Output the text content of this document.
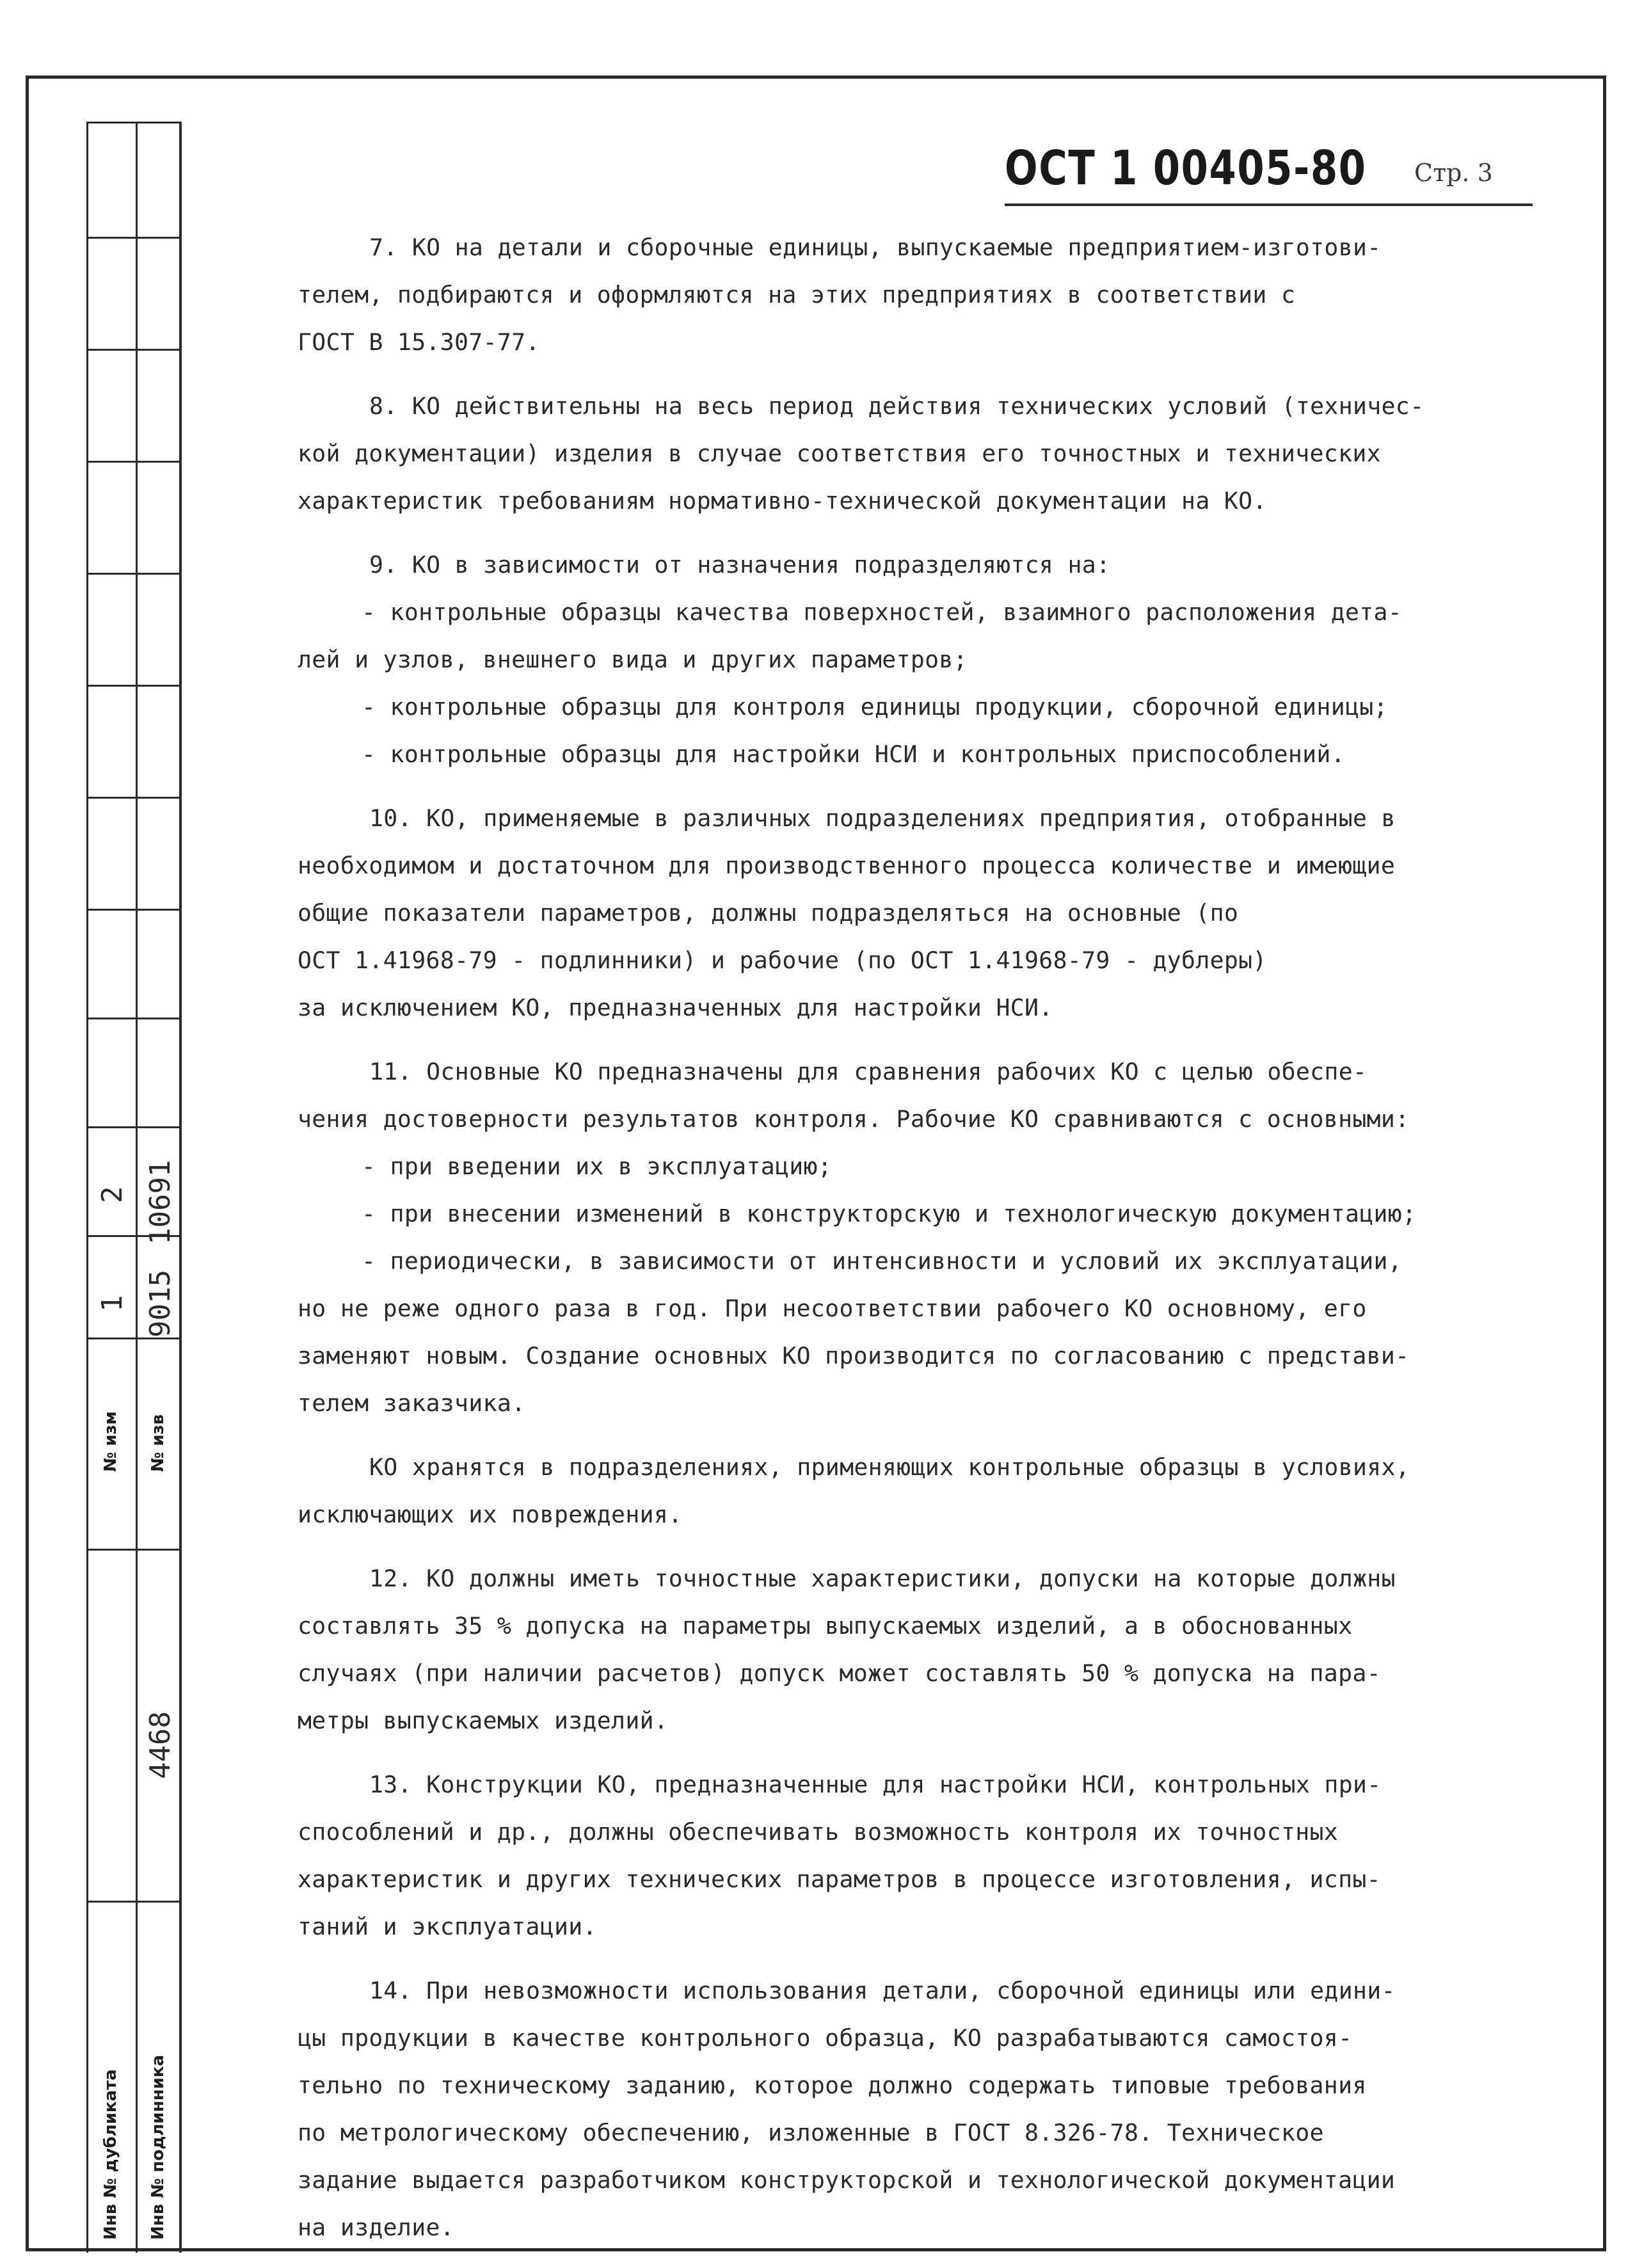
2
1
10691
9015
№ изм № изв
4468
Инв № дубликата Инв № подлинника
ОСТ 1 00405-80 Стр. 3
7. КО на детали и сборочные единицы, выпускаемые предприятием-изготови-
телем, подбираются и оформляются на этих предприятиях в соответствии с
ГОСТ В 15.307-77.
8. КО действительны на весь период действия технических условий (техничес-
кой документации) изделия в случае соответствия его точностных и технических
характеристик требованиям нормативно-технической документации на КО.
9. КО в зависимости от назначения подразделяются на:
- контрольные образцы качества поверхностей, взаимного расположения дета-
лей и узлов, внешнего вида и других параметров;
- контрольные образцы для контроля единицы продукции, сборочной единицы;
- контрольные образцы для настройки НСИ и контрольных приспособлений.
10. КО, применяемые в различных подразделениях предприятия, отобранные в
необходимом и достаточном для производственного процесса количестве и имеющие
общие показатели параметров, должны подразделяться на основные (по
ОСТ 1.41968-79 - подлинники) и рабочие (по ОСТ 1.41968-79 - дублеры)
за исключением КО, предназначенных для настройки НСИ.
11. Основные КО предназначены для сравнения рабочих КО с целью обеспе-
чения достоверности результатов контроля. Рабочие КО сравниваются с основными:
- при введении их в эксплуатацию;
- при внесении изменений в конструкторскую и технологическую документацию;
- периодически, в зависимости от интенсивности и условий их эксплуатации,
но не реже одного раза в год. При несоответствии рабочего КО основному, его
заменяют новым. Создание основных КО производится по согласованию с представи-
телем заказчика.
КО хранятся в подразделениях, применяющих контрольные образцы в условиях,
исключающих их повреждения.
12. КО должны иметь точностные характеристики, допуски на которые должны
составлять 35 % допуска на параметры выпускаемых изделий, а в обоснованных
случаях (при наличии расчетов) допуск может составлять 50 % допуска на пара-
метры выпускаемых изделий.
13. Конструкции КО, предназначенные для настройки НСИ, контрольных при-
способлений и др., должны обеспечивать возможность контроля их точностных
характеристик и других технических параметров в процессе изготовления, испы-
таний и эксплуатации.
14. При невозможности использования детали, сборочной единицы или едини-
цы продукции в качестве контрольного образца, КО разрабатываются самостоя-
тельно по техническому заданию, которое должно содержать типовые требования
по метрологическому обеспечению, изложенные в ГОСТ 8.326-78. Техническое
задание выдается разработчиком конструкторской и технологической документации
на изделие.
